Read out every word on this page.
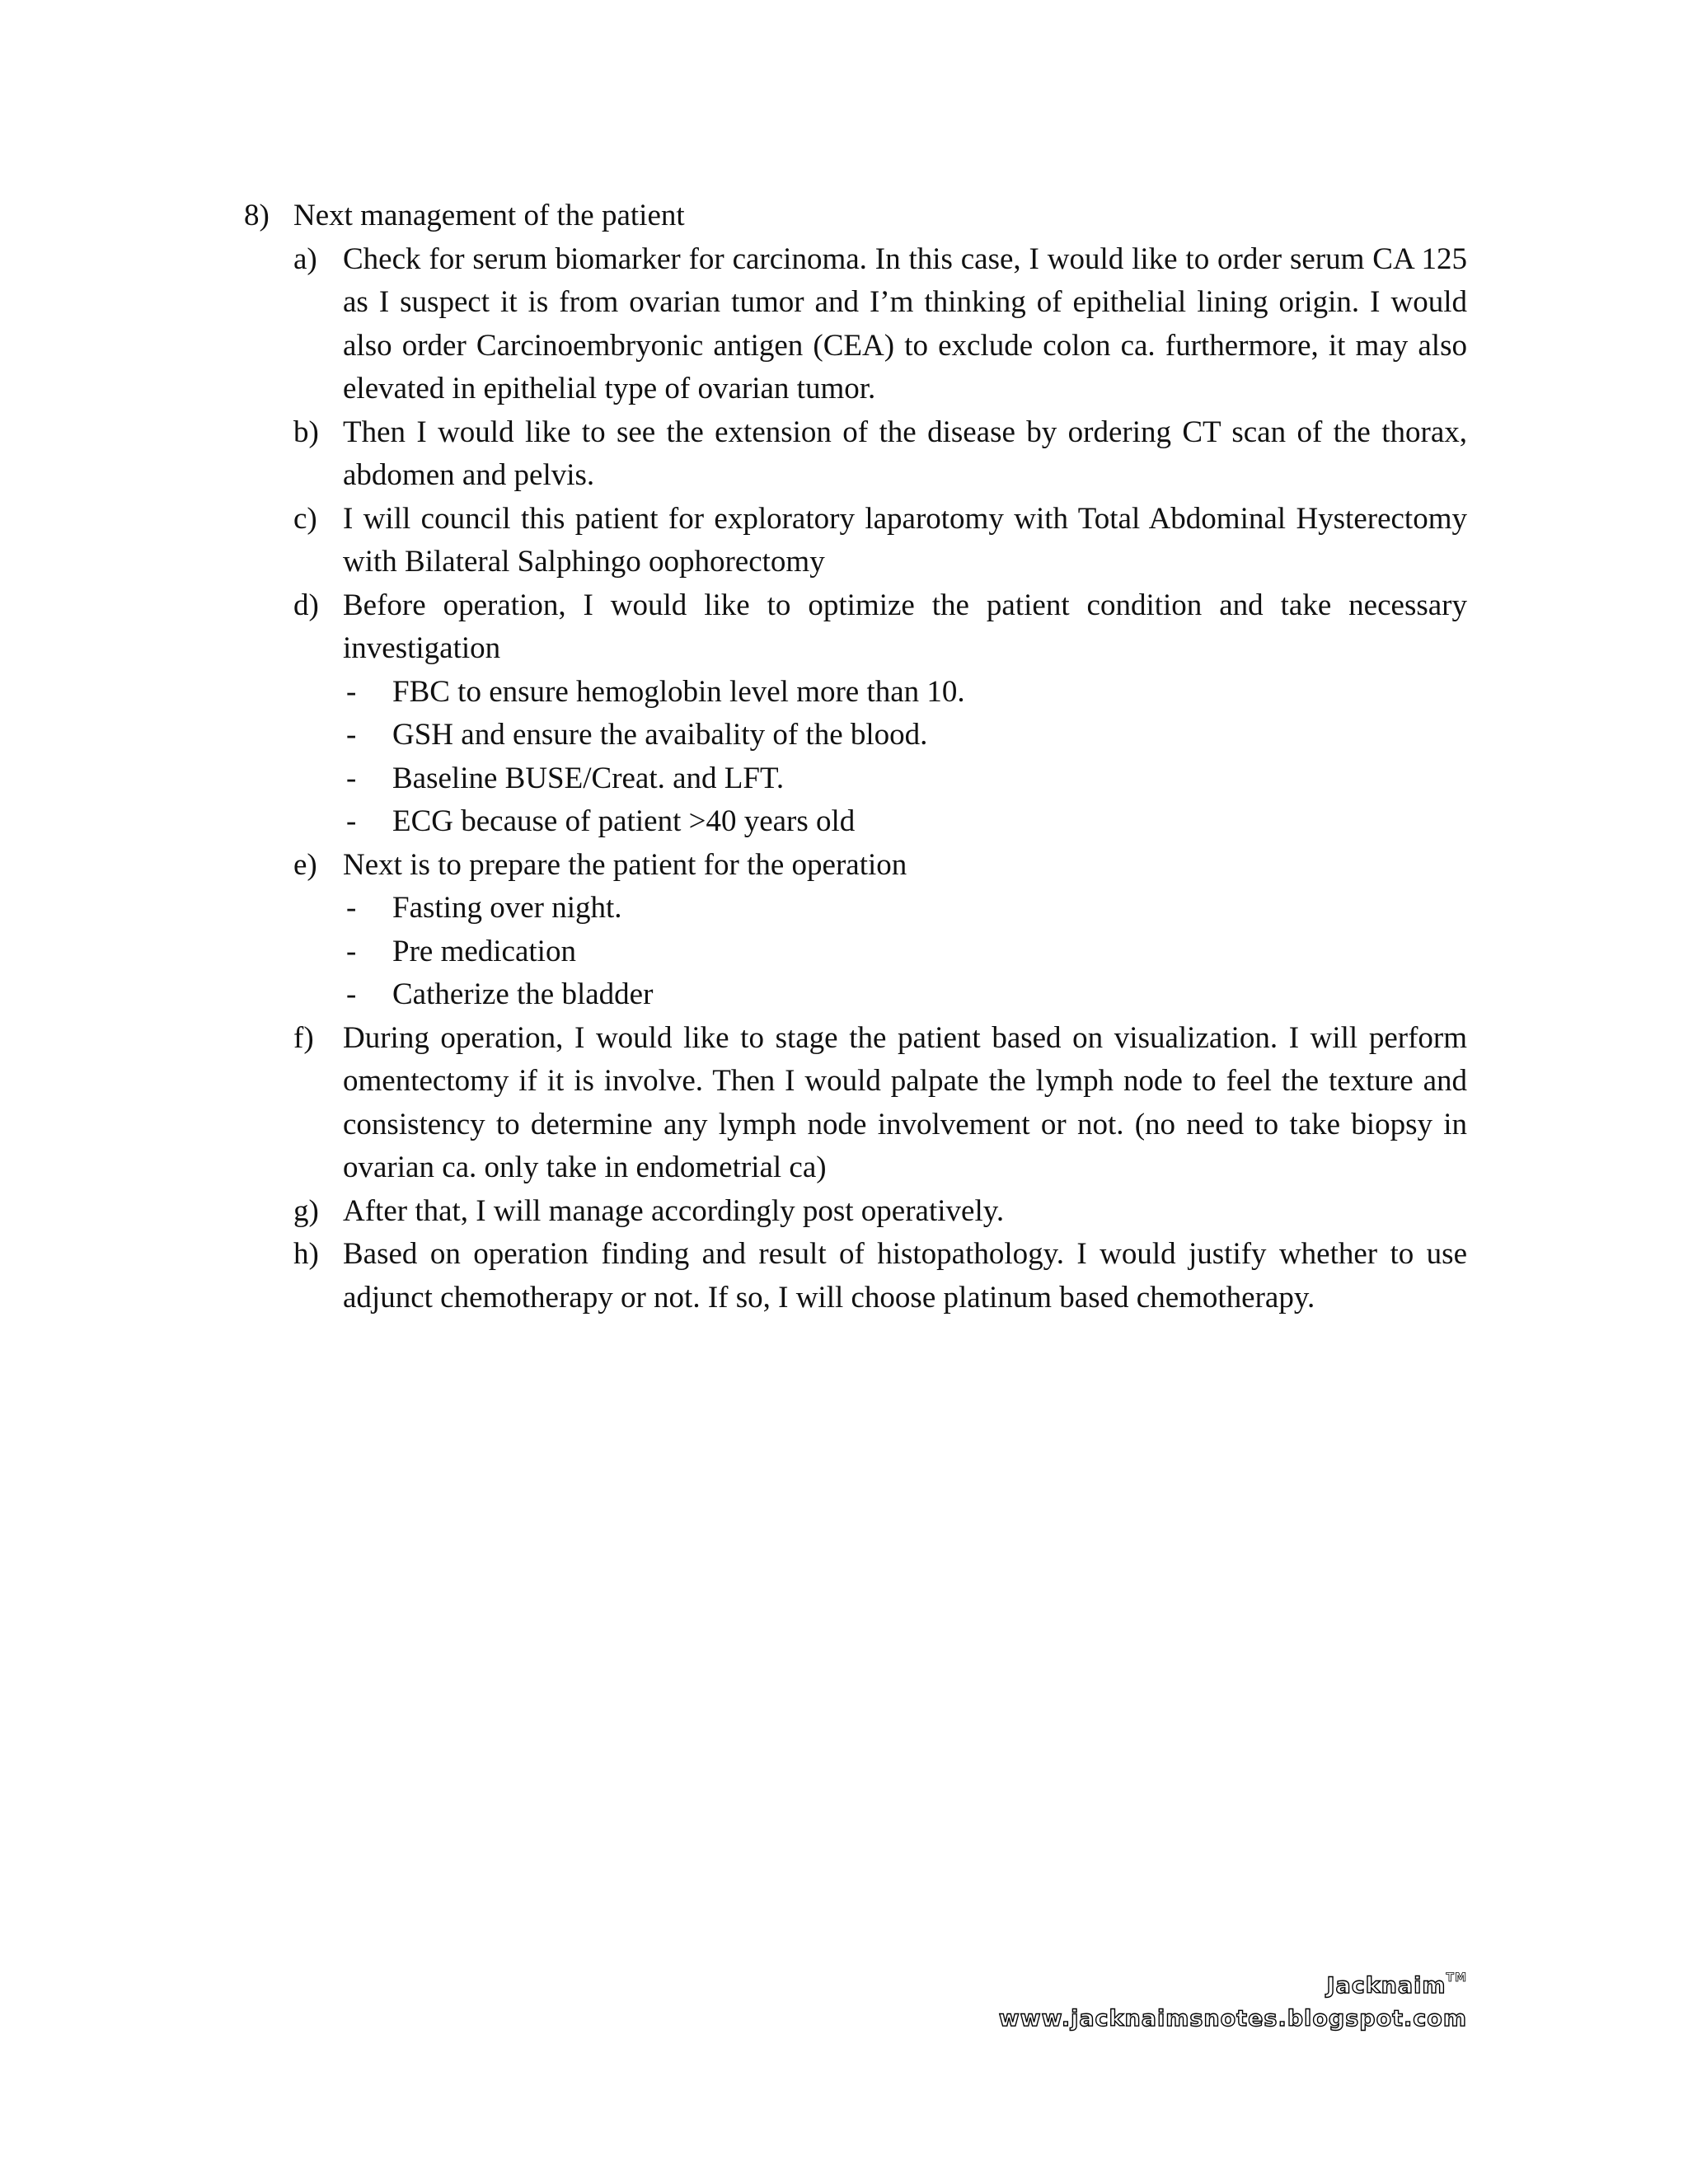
8) Next management of the patient
a) Check for serum biomarker for carcinoma. In this case, I would like to order serum CA 125 as I suspect it is from ovarian tumor and I’m thinking of epithelial lining origin. I would also order Carcinoembryonic antigen (CEA) to exclude colon ca. furthermore, it may also elevated in epithelial type of ovarian tumor.
b) Then I would like to see the extension of the disease by ordering CT scan of the thorax, abdomen and pelvis.
c) I will council this patient for exploratory laparotomy with Total Abdominal Hysterectomy with Bilateral Salphingo oophorectomy
d) Before operation, I would like to optimize the patient condition and take necessary investigation
-	FBC to ensure hemoglobin level more than 10.
-	GSH and ensure the avaibality of the blood.
-	Baseline BUSE/Creat. and LFT.
-	ECG because of patient >40 years old
e) Next is to prepare the patient for the operation
-	Fasting over night.
-	Pre medication
-	Catherize the bladder
f) During operation, I would like to stage the patient based on visualization. I will perform omentectomy if it is involve. Then I would palpate the lymph node to feel the texture and consistency to determine any lymph node involvement or not. (no need to take biopsy in ovarian ca. only take in endometrial ca)
g) After that, I will manage accordingly post operatively.
h) Based on operation finding and result of histopathology. I would justify whether to use adjunct chemotherapy or not. If so, I will choose platinum based chemotherapy.
Jacknaim™
www.jacknaimsnotes.blogspot.com
